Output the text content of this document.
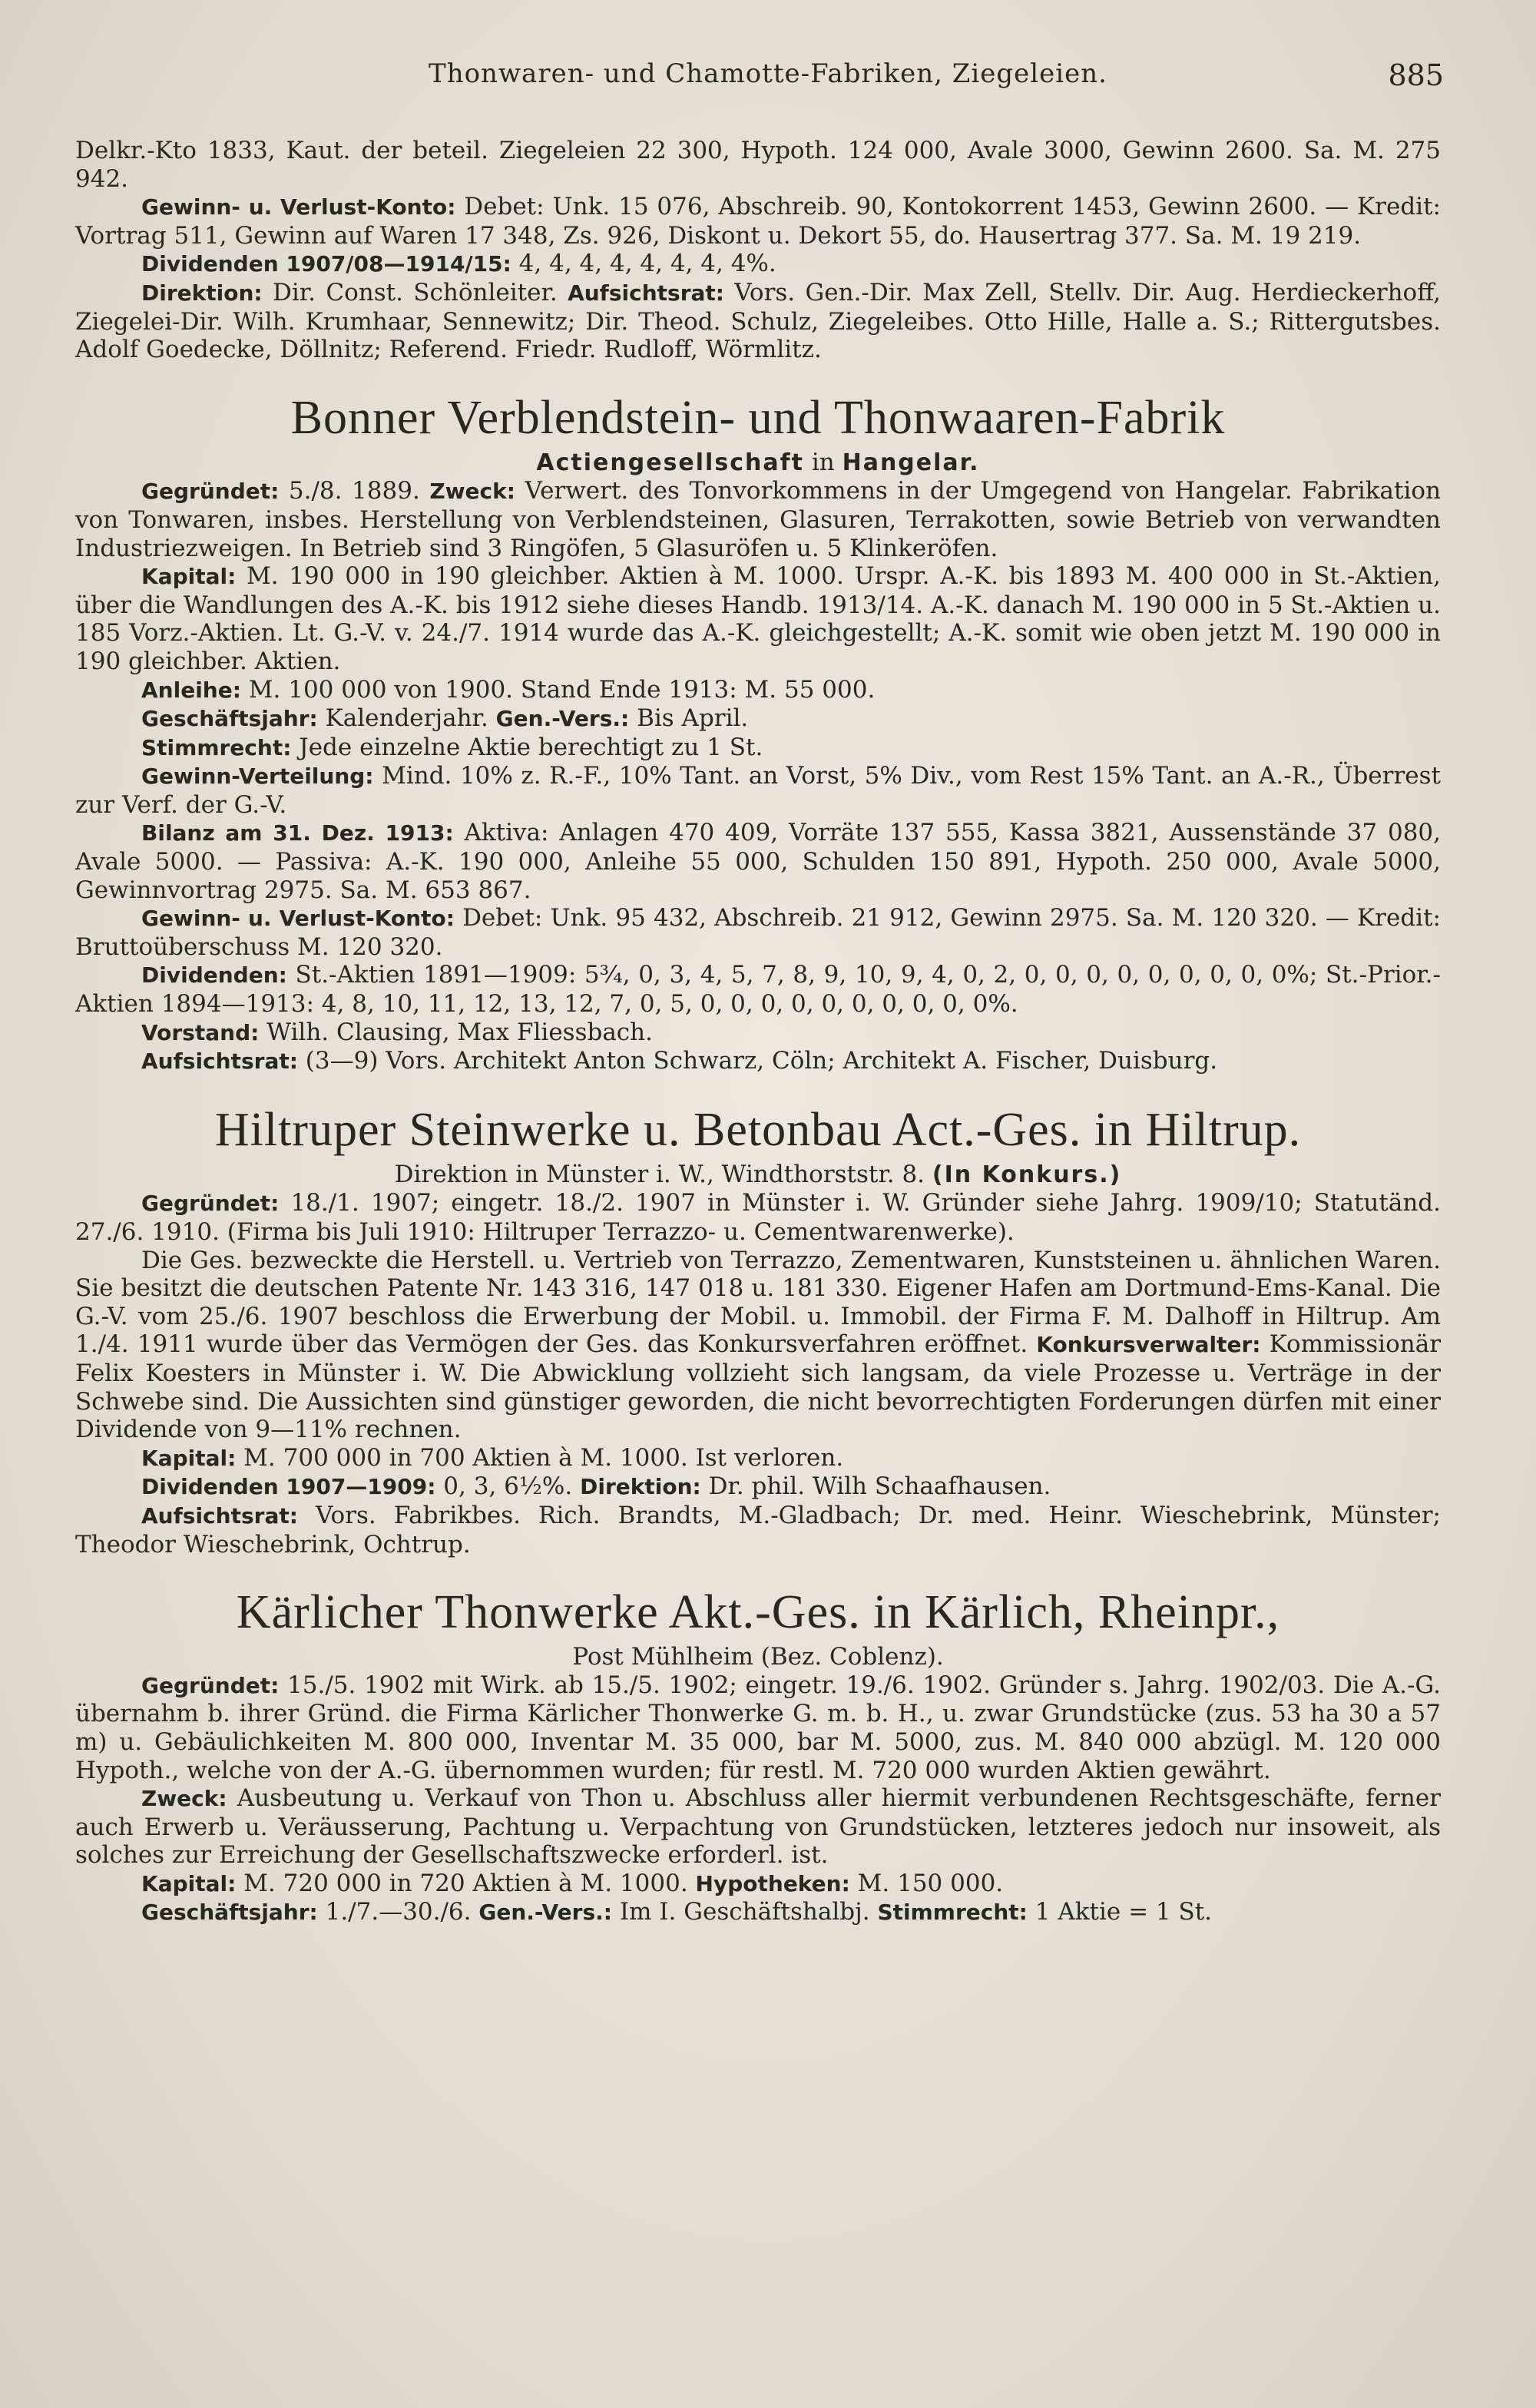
Thonwaren- und Chamotte-Fabriken, Ziegeleien.	885

Delkr.-Kto 1833, Kaut. der beteil. Ziegeleien 22 300, Hypoth. 124 000, Avale 3000, Gewinn 2600. Sa. M. 275 942.

Gewinn- u. Verlust-Konto: Debet: Unk. 15 076, Abschreib. 90, Kontokorrent 1453, Gewinn 2600. — Kredit: Vortrag 511, Gewinn auf Waren 17 348, Zs. 926, Diskont u. Dekort 55, do. Hausertrag 377. Sa. M. 19 219.

Dividenden 1907/08—1914/15: 4, 4, 4, 4, 4, 4, 4, 4%.

Direktion: Dir. Const. Schönleiter. Aufsichtsrat: Vors. Gen.-Dir. Max Zell, Stellv. Dir. Aug. Herdieckerhoff, Ziegelei-Dir. Wilh. Krumhaar, Sennewitz; Dir. Theod. Schulz, Ziegeleibes. Otto Hille, Halle a. S.; Rittergutsbes. Adolf Goedecke, Döllnitz; Referend. Friedr. Rudloff, Wörmlitz.

Bonner Verblendstein- und Thonwaaren-Fabrik

Actiengesellschaft in Hangelar.

Gegründet: 5./8. 1889. Zweck: Verwert. des Tonvorkommens in der Umgegend von Hangelar. Fabrikation von Tonwaren, insbes. Herstellung von Verblendsteinen, Glasuren, Terrakotten, sowie Betrieb von verwandten Industriezweigen. In Betrieb sind 3 Ringöfen, 5 Glasuröfen u. 5 Klinkeröfen.

Kapital: M. 190 000 in 190 gleichber. Aktien à M. 1000. Urspr. A.-K. bis 1893 M. 400 000 in St.-Aktien, über die Wandlungen des A.-K. bis 1912 siehe dieses Handb. 1913/14. A.-K. danach M. 190 000 in 5 St.-Aktien u. 185 Vorz.-Aktien. Lt. G.-V. v. 24./7. 1914 wurde das A.-K. gleichgestellt; A.-K. somit wie oben jetzt M. 190 000 in 190 gleichber. Aktien.

Anleihe: M. 100 000 von 1900. Stand Ende 1913: M. 55 000.

Geschäftsjahr: Kalenderjahr. Gen.-Vers.: Bis April.

Stimmrecht: Jede einzelne Aktie berechtigt zu 1 St.

Gewinn-Verteilung: Mind. 10% z. R.-F., 10% Tant. an Vorst, 5% Div., vom Rest 15% Tant. an A.-R., Überrest zur Verf. der G.-V.

Bilanz am 31. Dez. 1913: Aktiva: Anlagen 470 409, Vorräte 137 555, Kassa 3821, Aussenstände 37 080, Avale 5000. — Passiva: A.-K. 190 000, Anleihe 55 000, Schulden 150 891, Hypoth. 250 000, Avale 5000, Gewinnvortrag 2975. Sa. M. 653 867.

Gewinn- u. Verlust-Konto: Debet: Unk. 95 432, Abschreib. 21 912, Gewinn 2975. Sa. M. 120 320. — Kredit: Bruttoüberschuss M. 120 320.

Dividenden: St.-Aktien 1891—1909: 5¾, 0, 3, 4, 5, 7, 8, 9, 10, 9, 4, 0, 2, 0, 0, 0, 0, 0, 0, 0, 0, 0%; St.-Prior.-Aktien 1894—1913: 4, 8, 10, 11, 12, 13, 12, 7, 0, 5, 0, 0, 0, 0, 0, 0, 0, 0, 0, 0%.

Vorstand: Wilh. Clausing, Max Fliessbach.

Aufsichtsrat: (3—9) Vors. Architekt Anton Schwarz, Cöln; Architekt A. Fischer, Duisburg.

Hiltruper Steinwerke u. Betonbau Act.-Ges. in Hiltrup.

Direktion in Münster i. W., Windthorststr. 8. (In Konkurs.)

Gegründet: 18./1. 1907; eingetr. 18./2. 1907 in Münster i. W. Gründer siehe Jahrg. 1909/10; Statutänd. 27./6. 1910. (Firma bis Juli 1910: Hiltruper Terrazzo- u. Cementwarenwerke).

Die Ges. bezweckte die Herstell. u. Vertrieb von Terrazzo, Zementwaren, Kunststeinen u. ähnlichen Waren. Sie besitzt die deutschen Patente Nr. 143 316, 147 018 u. 181 330. Eigener Hafen am Dortmund-Ems-Kanal. Die G.-V. vom 25./6. 1907 beschloss die Erwerbung der Mobil. u. Immobil. der Firma F. M. Dalhoff in Hiltrup. Am 1./4. 1911 wurde über das Vermögen der Ges. das Konkursverfahren eröffnet. Konkursverwalter: Kommissionär Felix Koesters in Münster i. W. Die Abwicklung vollzieht sich langsam, da viele Prozesse u. Verträge in der Schwebe sind. Die Aussichten sind günstiger geworden, die nicht bevorrechtigten Forderungen dürfen mit einer Dividende von 9—11% rechnen.

Kapital: M. 700 000 in 700 Aktien à M. 1000. Ist verloren.

Dividenden 1907—1909: 0, 3, 6½%. Direktion: Dr. phil. Wilh Schaafhausen.

Aufsichtsrat: Vors. Fabrikbes. Rich. Brandts, M.-Gladbach; Dr. med. Heinr. Wieschebrink, Münster; Theodor Wieschebrink, Ochtrup.

Kärlicher Thonwerke Akt.-Ges. in Kärlich, Rheinpr.,

Post Mühlheim (Bez. Coblenz).

Gegründet: 15./5. 1902 mit Wirk. ab 15./5. 1902; eingetr. 19./6. 1902. Gründer s. Jahrg. 1902/03. Die A.-G. übernahm b. ihrer Gründ. die Firma Kärlicher Thonwerke G. m. b. H., u. zwar Grundstücke (zus. 53 ha 30 a 57 m) u. Gebäulichkeiten M. 800 000, Inventar M. 35 000, bar M. 5000, zus. M. 840 000 abzügl. M. 120 000 Hypoth., welche von der A.-G. übernommen wurden; für restl. M. 720 000 wurden Aktien gewährt.

Zweck: Ausbeutung u. Verkauf von Thon u. Abschluss aller hiermit verbundenen Rechtsgeschäfte, ferner auch Erwerb u. Veräusserung, Pachtung u. Verpachtung von Grundstücken, letzteres jedoch nur insoweit, als solches zur Erreichung der Gesellschaftszwecke erforderl. ist.

Kapital: M. 720 000 in 720 Aktien à M. 1000. Hypotheken: M. 150 000.

Geschäftsjahr: 1./7.—30./6. Gen.-Vers.: Im I. Geschäftshalbj. Stimmrecht: 1 Aktie = 1 St.
